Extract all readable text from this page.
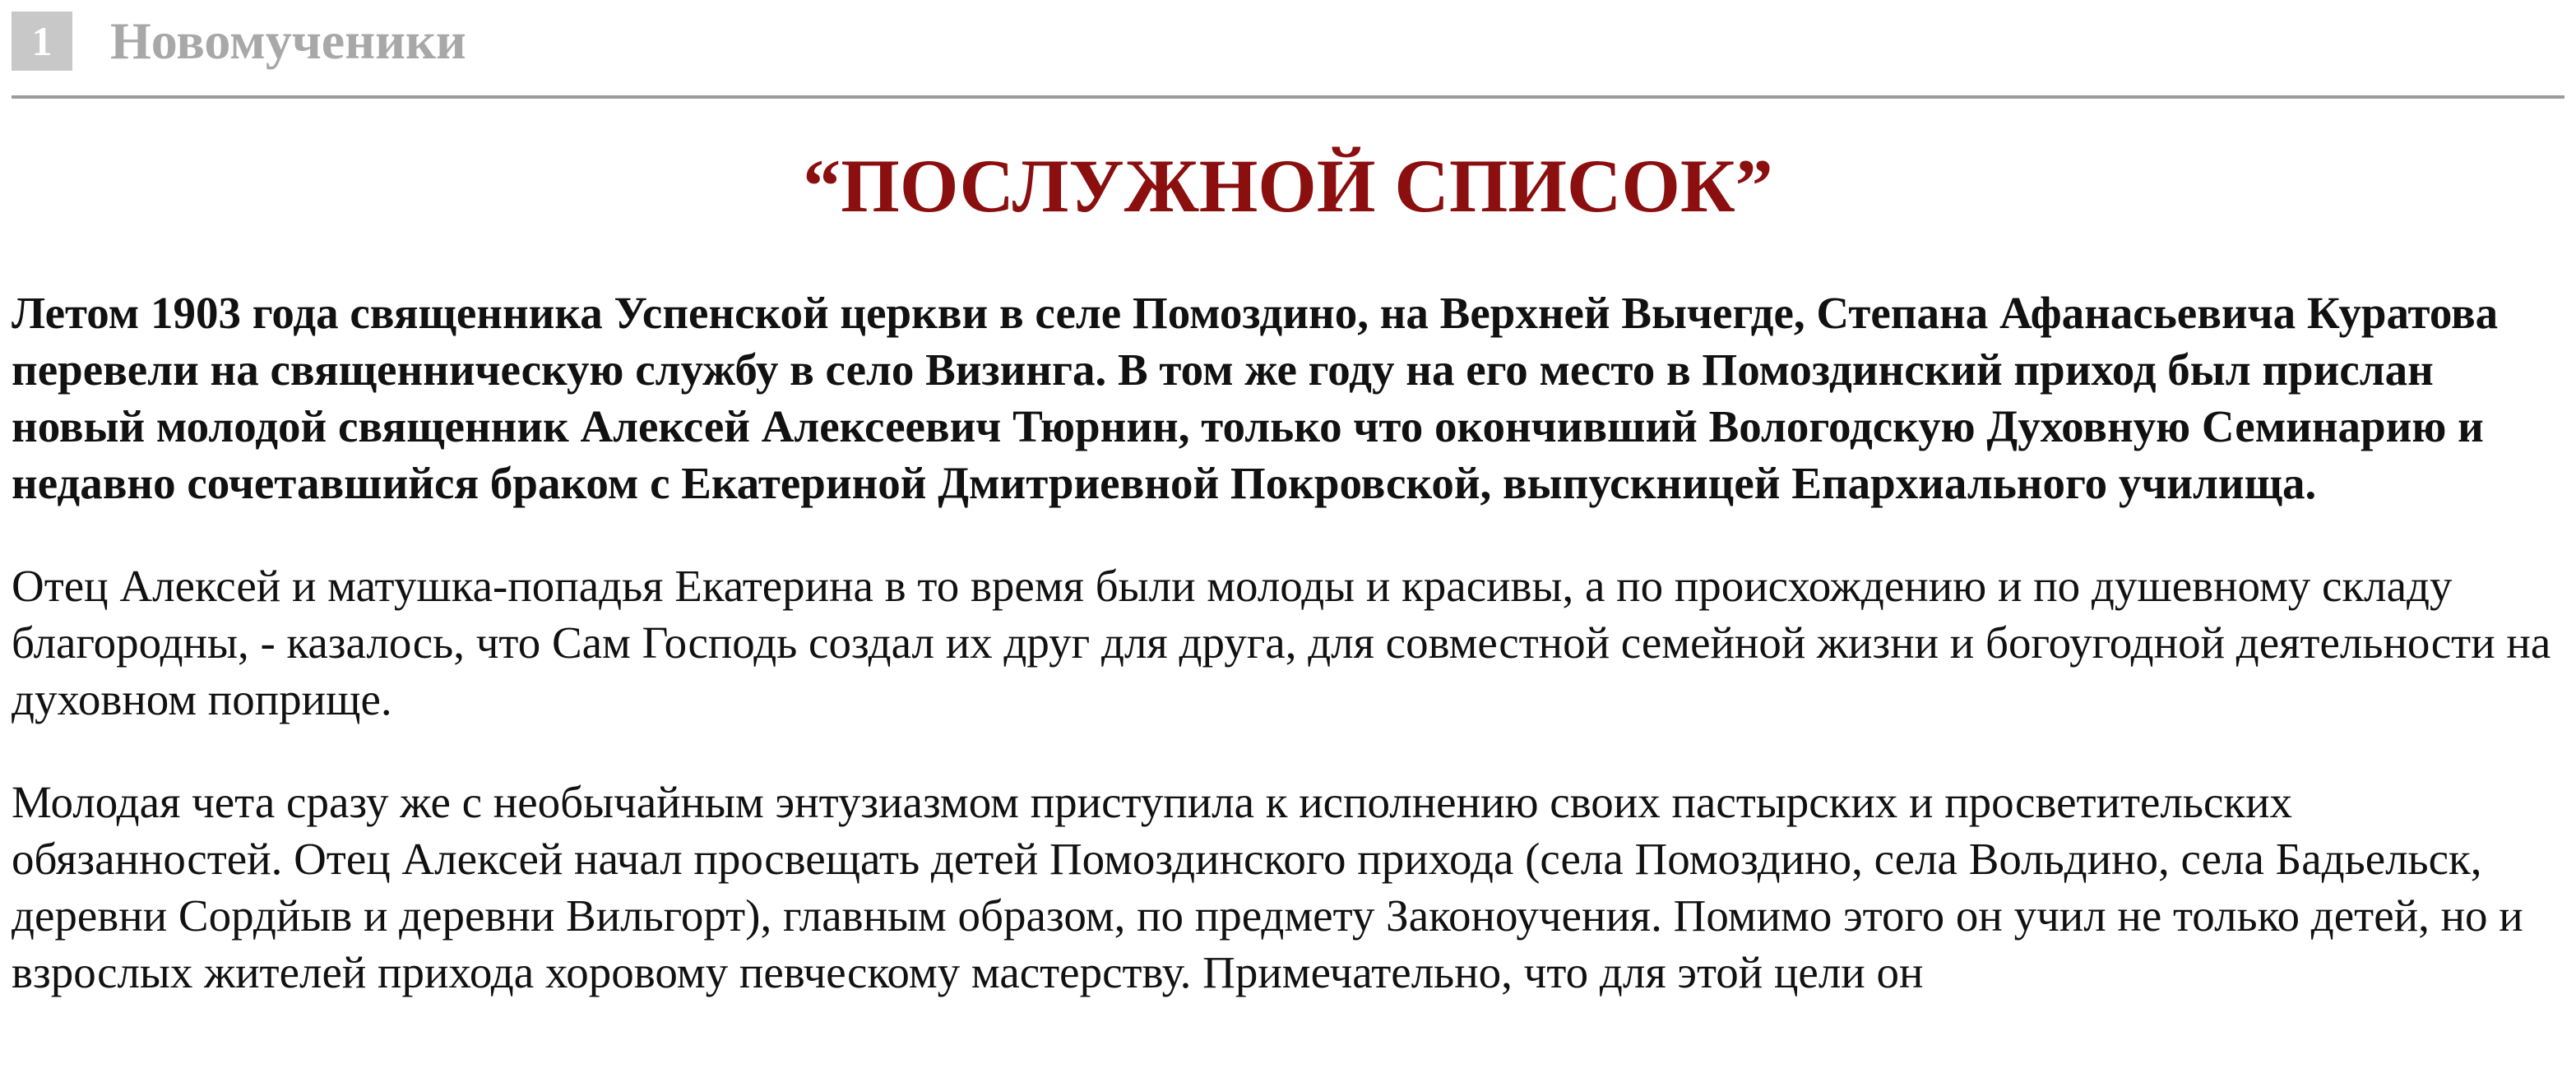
1	Новомученики
“ПОСЛУЖНОЙ СПИСОК”

Летом 1903 года священника Успенской церкви в селе Помоздино, на Верхней Вычегде, Степана Афанасьевича Куратова перевели на священническую службу в село Визинга. В том же году на его место в Помоздинский приход был прислан новый молодой священник Алексей Алексеевич Тюрнин, только что окончивший Вологодскую Духовную Семинарию и недавно сочетавшийся браком с Екатериной Дмитриевной Покровской, выпускницей Епархиального училища.

Отец Алексей и матушка-попадья Екатерина в то время были молоды и красивы, а по происхождению и по душевному складу благородны, - казалось, что Сам Господь создал их друг для друга, для совместной семейной жизни и богоугодной деятельности на духовном поприще.

Молодая чета сразу же с необычайным энтузиазмом приступила к исполнению своих пастырских и просветительских обязанностей. Отец Алексей начал просвещать детей Помоздинского прихода (села Помоздино, села Вольдино, села Бадьельск, деревни Сордйыв и деревни Вильгорт), главным образом, по предмету Законоучения. Помимо этого он учил не только детей, но и взрослых жителей прихода хоровому певческому мастерству. Примечательно, что для этой цели он
